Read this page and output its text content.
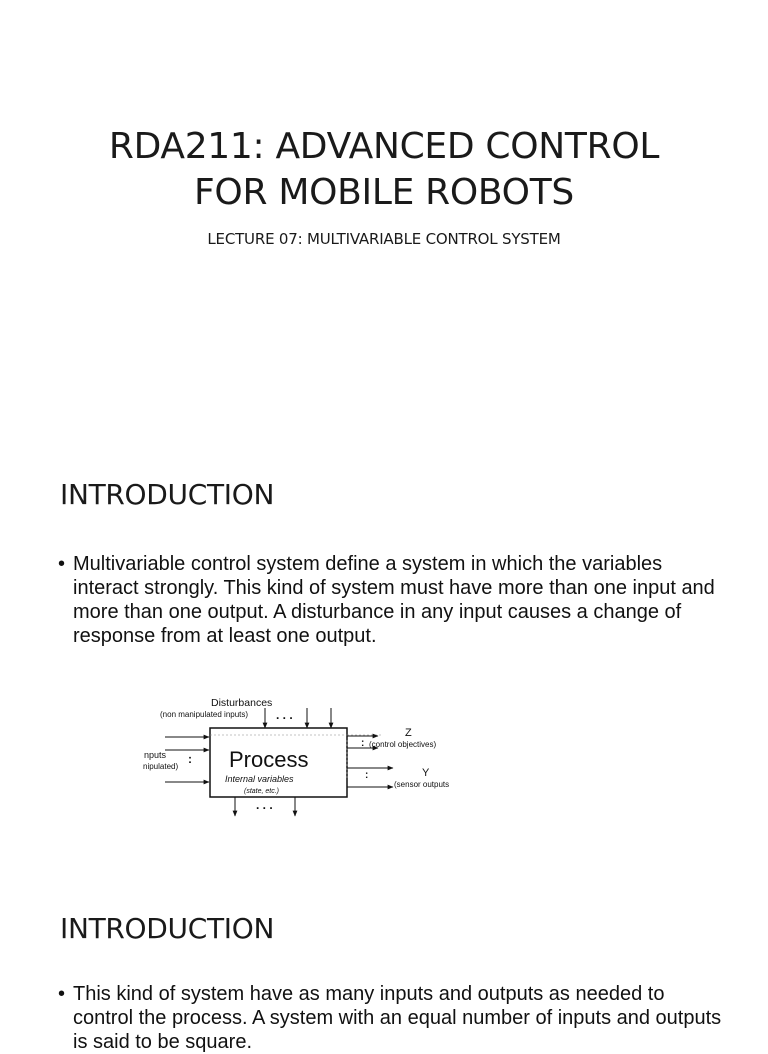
RDA211: ADVANCED CONTROL
FOR MOBILE ROBOTS
LECTURE 07: MULTIVARIABLE CONTROL SYSTEM
INTRODUCTION
• Multivariable control system define a system in which the variables interact strongly. This kind of system must have more than one input and more than one output. A disturbance in any input causes a change of response from at least one output.
Disturbances
(non manipulated inputs) . . .
Process
Internal variables
(state, etc.)
nputs
nipulated)
:
:
Z
(control objectives)
:	Y
(sensor outputs
. . .
INTRODUCTION
• This kind of system have as many inputs and outputs as needed to control the process. A system with an equal number of inputs and outputs is said to be square.
